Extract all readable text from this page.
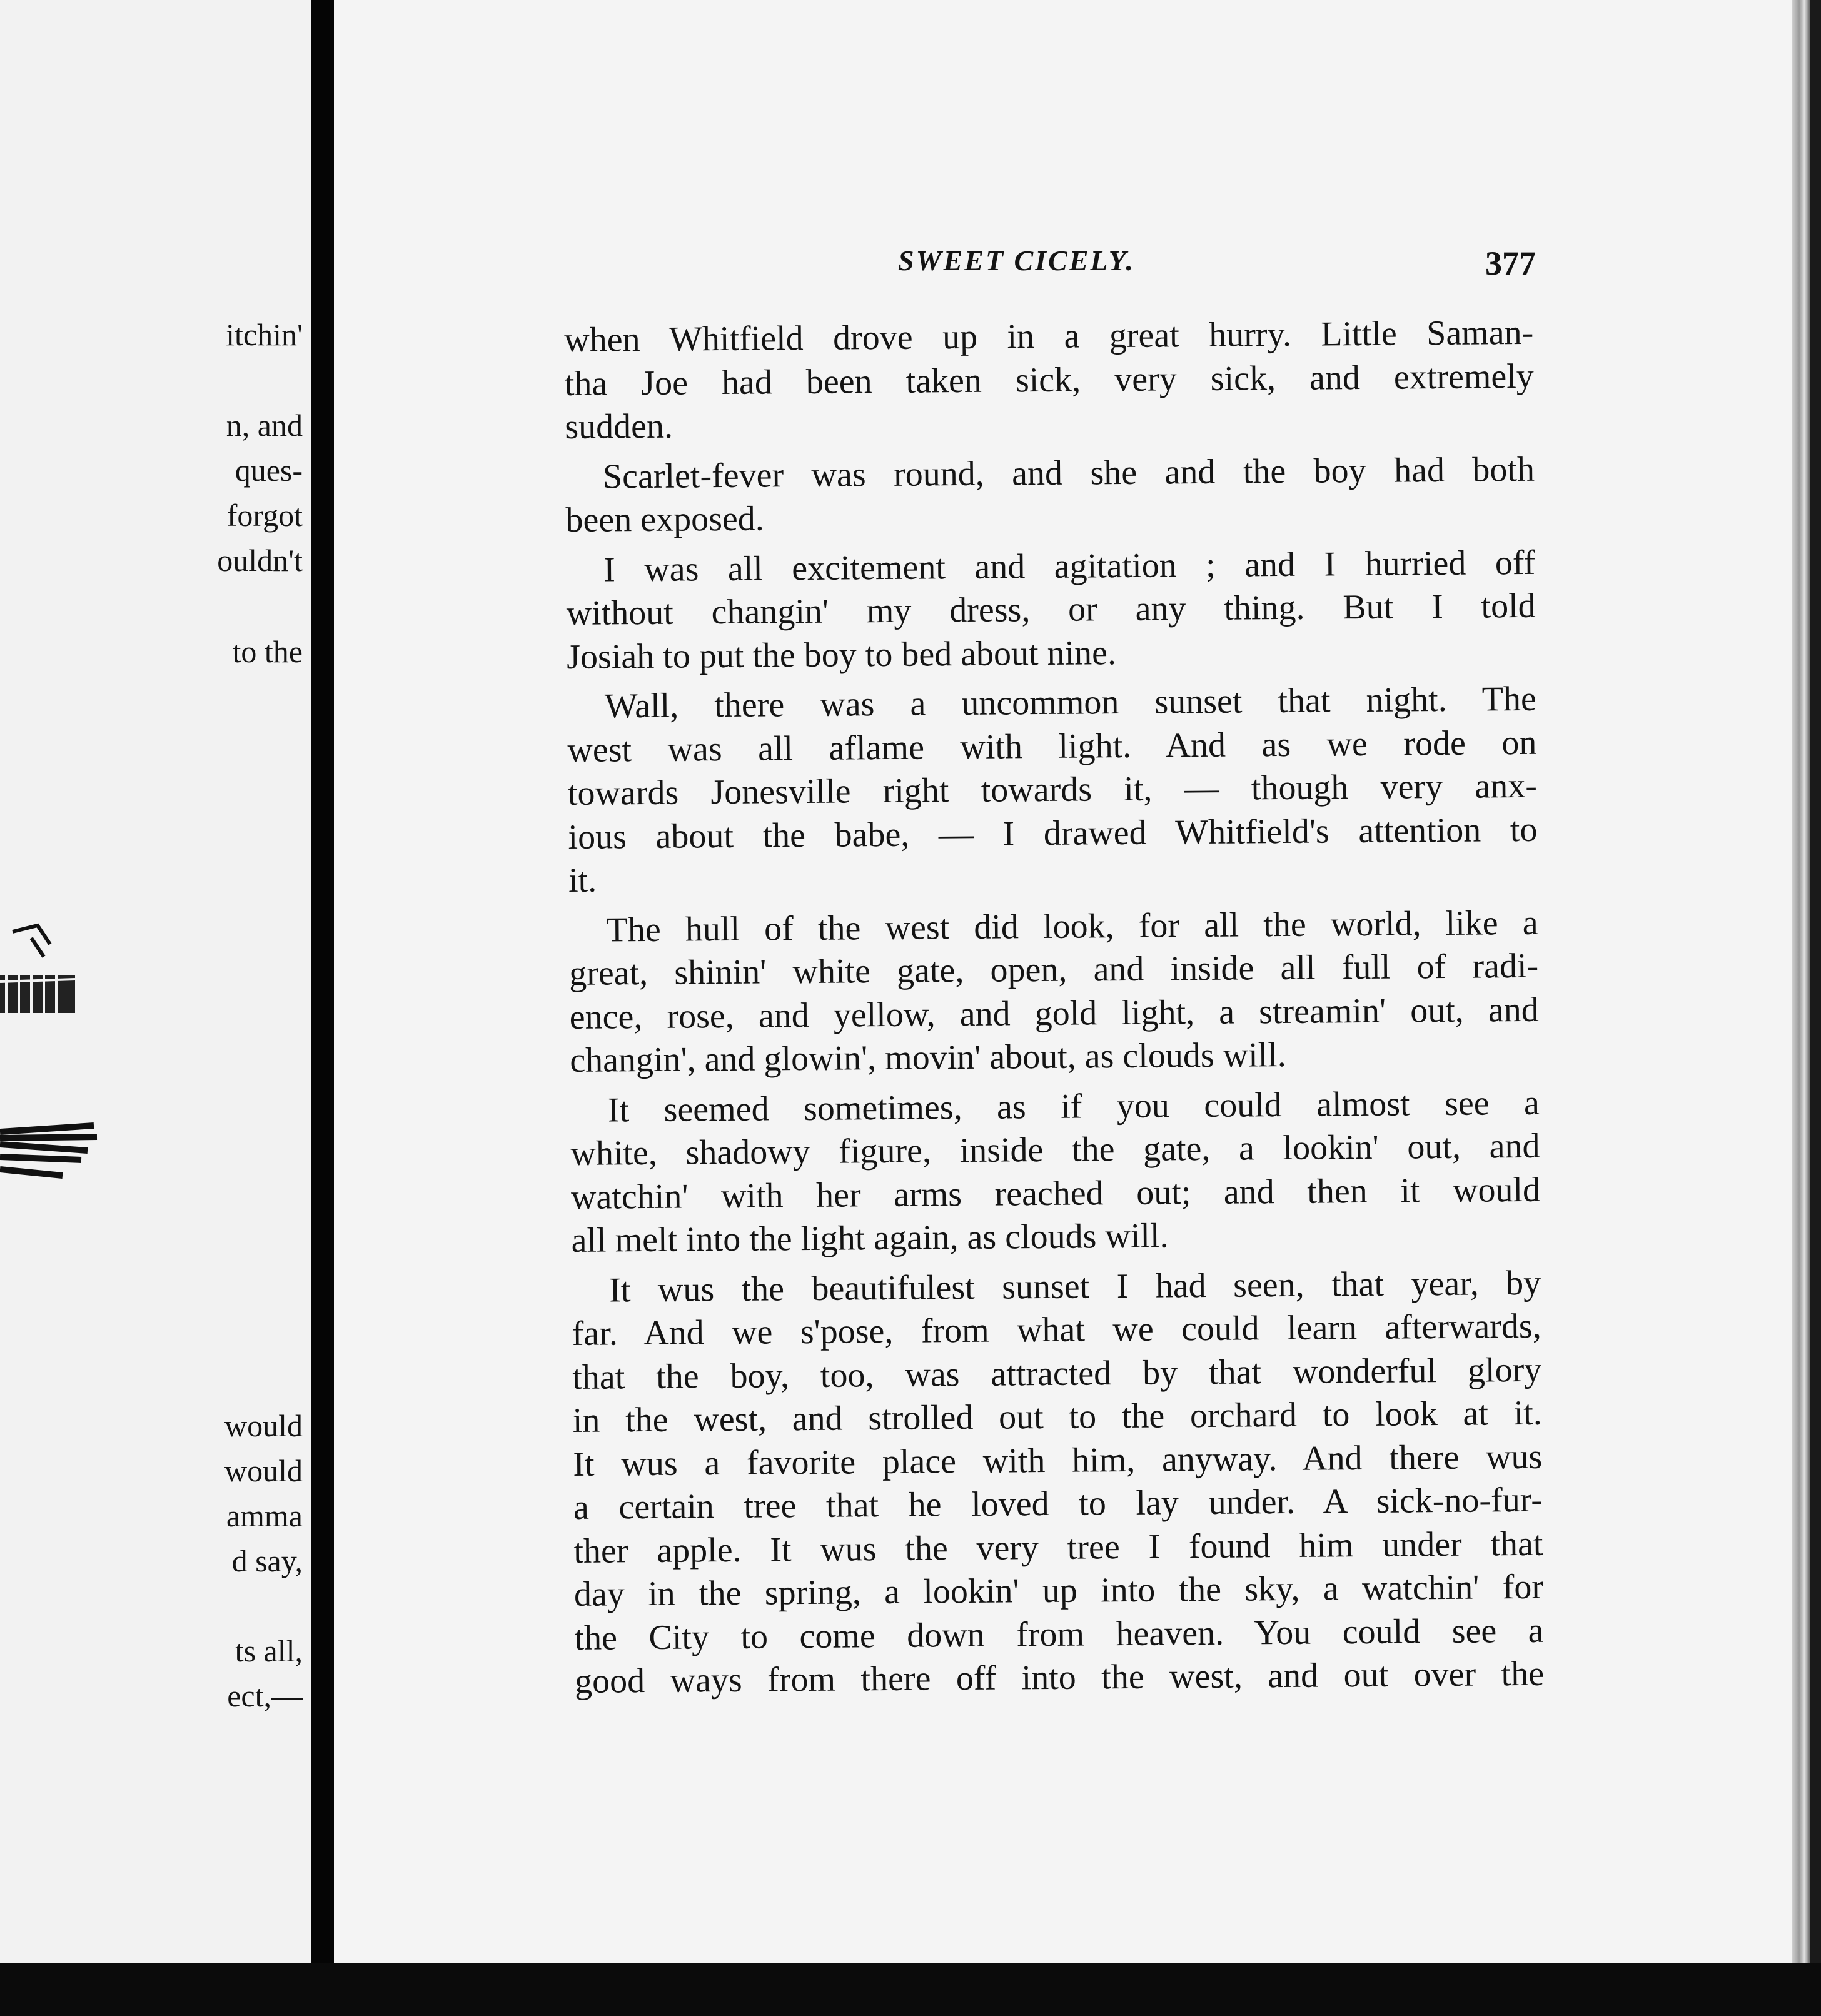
itchin'

n, and

ques-

forgot

ouldn't

to the

would

would

amma

d say,

ts all,

ect,—

SWEET CICELY.	377

when Whitfield drove up in a great hurry. Little Saman-

tha Joe had been taken sick, very sick, and extremely

sudden.

Scarlet-fever was round, and she and the boy had both

been exposed.

I was all excitement and agitation ; and I hurried off

without changin' my dress, or any thing. But I told

Josiah to put the boy to bed about nine.

Wall, there was a uncommon sunset that night. The

west was all aflame with light. And as we rode on

towards Jonesville right towards it, — though very anx-

ious about the babe, — I drawed Whitfield's attention to

it.

The hull of the west did look, for all the world, like a

great, shinin' white gate, open, and inside all full of radi-

ence, rose, and yellow, and gold light, a streamin' out, and

changin', and glowin', movin' about, as clouds will.

It seemed sometimes, as if you could almost see a

white, shadowy figure, inside the gate, a lookin' out, and

watchin' with her arms reached out; and then it would

all melt into the light again, as clouds will.

It wus the beautifulest sunset I had seen, that year, by

far. And we s'pose, from what we could learn afterwards,

that the boy, too, was attracted by that wonderful glory

in the west, and strolled out to the orchard to look at it.

It wus a favorite place with him, anyway. And there wus

a certain tree that he loved to lay under. A sick-no-fur-

ther apple. It wus the very tree I found him under that

day in the spring, a lookin' up into the sky, a watchin' for

the City to come down from heaven. You could see a

good ways from there off into the west, and out over the
